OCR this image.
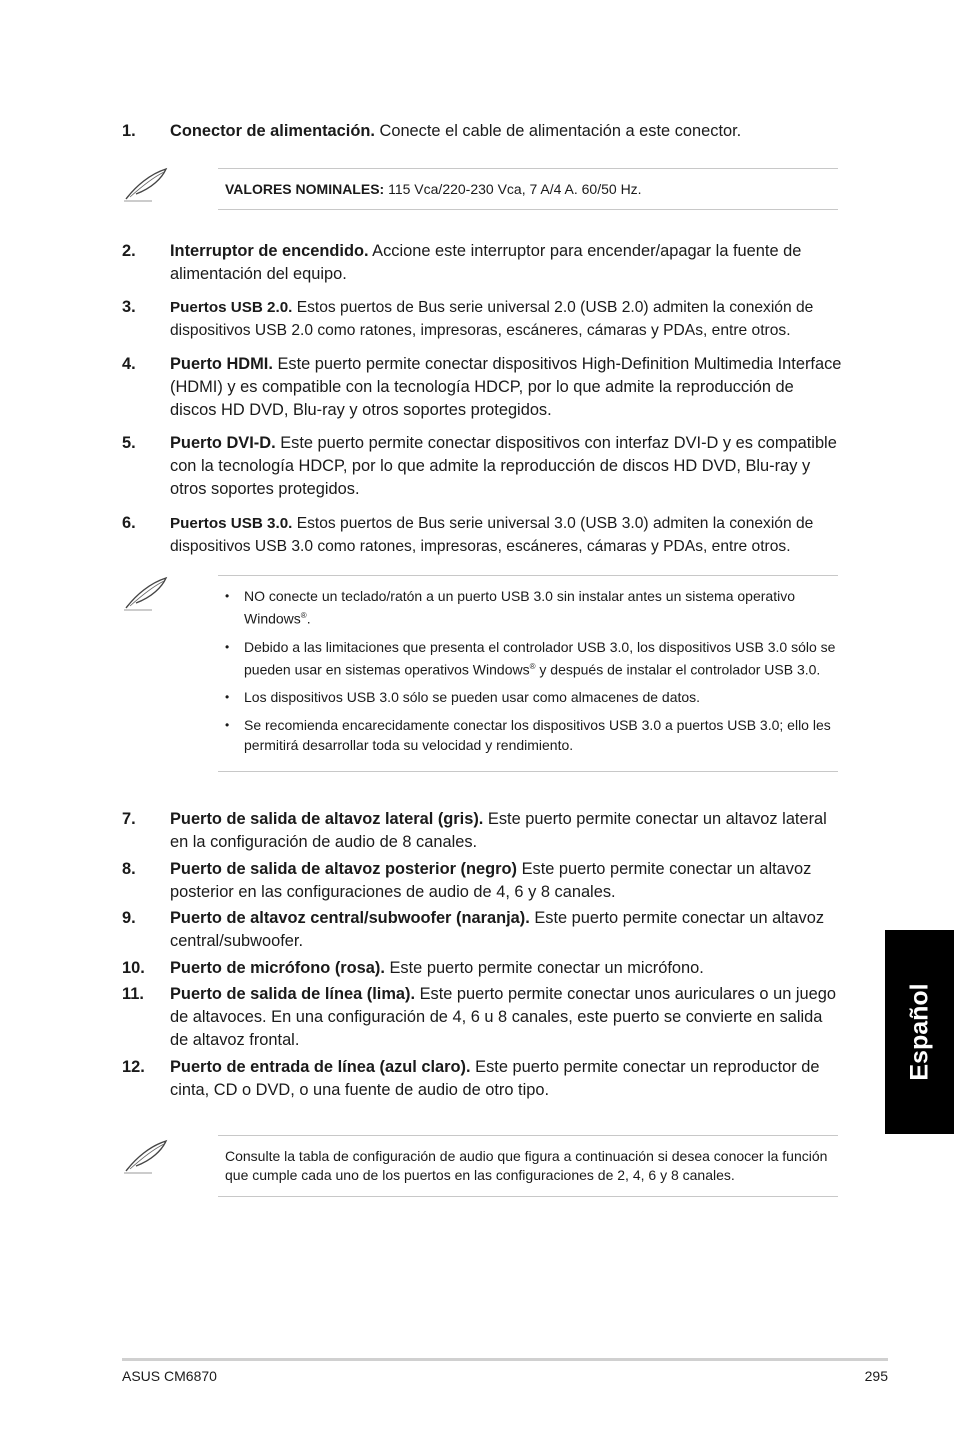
1. Conector de alimentación. Conecte el cable de alimentación a este conector.
VALORES NOMINALES: 115 Vca/220-230 Vca, 7 A/4 A. 60/50 Hz.
2. Interruptor de encendido. Accione este interruptor para encender/apagar la fuente de alimentación del equipo.
3. Puertos USB 2.0. Estos puertos de Bus serie universal 2.0 (USB 2.0) admiten la conexión de dispositivos USB 2.0 como ratones, impresoras, escáneres, cámaras y PDAs, entre otros.
4. Puerto HDMI. Este puerto permite conectar dispositivos High-Definition Multimedia Interface (HDMI) y es compatible con la tecnología HDCP, por lo que admite la reproducción de discos HD DVD, Blu-ray y otros soportes protegidos.
5. Puerto DVI-D. Este puerto permite conectar dispositivos con interfaz DVI-D y es compatible con la tecnología HDCP, por lo que admite la reproducción de discos HD DVD, Blu-ray y otros soportes protegidos.
6. Puertos USB 3.0. Estos puertos de Bus serie universal 3.0 (USB 3.0) admiten la conexión de dispositivos USB 3.0 como ratones, impresoras, escáneres, cámaras y PDAs, entre otros.
• NO conecte un teclado/ratón a un puerto USB 3.0 sin instalar antes un sistema operativo Windows®.
• Debido a las limitaciones que presenta el controlador USB 3.0, los dispositivos USB 3.0 sólo se pueden usar en sistemas operativos Windows® y después de instalar el controlador USB 3.0.
• Los dispositivos USB 3.0 sólo se pueden usar como almacenes de datos.
• Se recomienda encarecidamente conectar los dispositivos USB 3.0 a puertos USB 3.0; ello les permitirá desarrollar toda su velocidad y rendimiento.
7. Puerto de salida de altavoz lateral (gris). Este puerto permite conectar un altavoz lateral en la configuración de audio de 8 canales.
8. Puerto de salida de altavoz posterior (negro) Este puerto permite conectar un altavoz posterior en las configuraciones de audio de 4, 6 y 8 canales.
9. Puerto de altavoz central/subwoofer (naranja). Este puerto permite conectar un altavoz central/subwoofer.
10. Puerto de micrófono (rosa). Este puerto permite conectar un micrófono.
11. Puerto de salida de línea (lima). Este puerto permite conectar unos auriculares o un juego de altavoces. En una configuración de 4, 6 u 8 canales, este puerto se convierte en salida de altavoz frontal.
12. Puerto de entrada de línea (azul claro). Este puerto permite conectar un reproductor de cinta, CD o DVD, o una fuente de audio de otro tipo.
Consulte la tabla de configuración de audio que figura a continuación si desea conocer la función que cumple cada uno de los puertos en las configuraciones de 2, 4, 6 y 8 canales.
Español
ASUS CM6870	295
